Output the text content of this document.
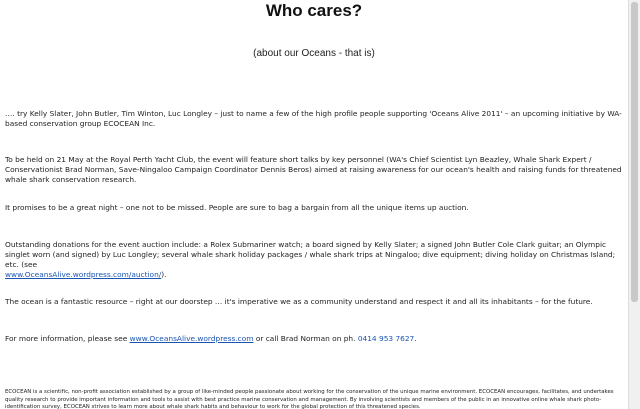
Who cares?

(about our Oceans - that is)

…. try Kelly Slater, John Butler, Tim Winton, Luc Longley – just to name a few of the high profile people supporting 'Oceans Alive 2011' – an upcoming initiative by WA-based conservation group ECOCEAN Inc.

To be held on 21 May at the Royal Perth Yacht Club, the event will feature short talks by key personnel (WA's Chief Scientist Lyn Beazley, Whale Shark Expert / Conservationist Brad Norman, Save-Ningaloo Campaign Coordinator Dennis Beros) aimed at raising awareness for our ocean's health and raising funds for threatened whale shark conservation research.

It promises to be a great night – one not to be missed. People are sure to bag a bargain from all the unique items up auction.

Outstanding donations for the event auction include: a Rolex Submariner watch; a board signed by Kelly Slater; a signed John Butler Cole Clark guitar; an Olympic singlet worn (and signed) by Luc Longley; several whale shark holiday packages / whale shark trips at Ningaloo; dive equipment; diving holiday on Christmas Island; etc. (see
www.OceansAlive.wordpress.com/auction/).

The ocean is a fantastic resource – right at our doorstep … it's imperative we as a community understand and respect it and all its inhabitants – for the future.

For more information, please see www.OceansAlive.wordpress.com or call Brad Norman on ph. 0414 953 7627.

ECOCEAN is a scientific, non-profit association established by a group of like-minded people passionate about working for the conservation of the unique marine environment. ECOCEAN encourages, facilitates, and undertakes quality research to provide important information and tools to assist with best practice marine conservation and management. By involving scientists and members of the public in an innovative online whale shark photo-identification survey, ECOCEAN strives to learn more about whale shark habits and behaviour to work for the global protection of this threatened species.
